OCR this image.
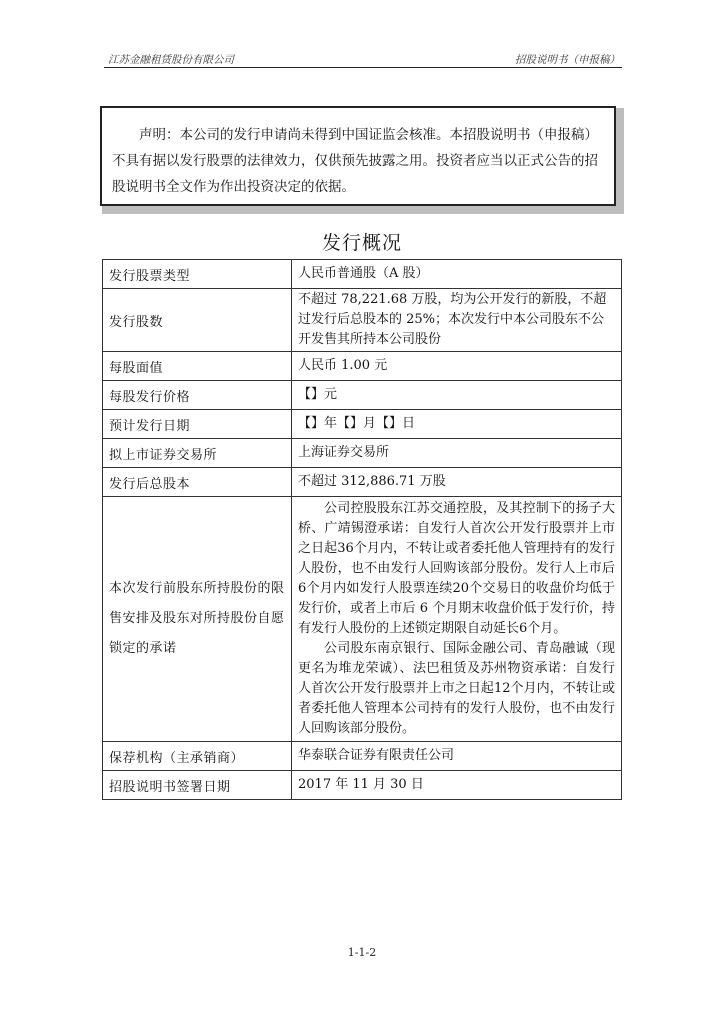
江苏金融租赁股份有限公司	招股说明书（申报稿）

声明：本公司的发行申请尚未得到中国证监会核准。本招股说明书（申报稿）不具有据以发行股票的法律效力，仅供预先披露之用。投资者应当以正式公告的招股说明书全文作为作出投资决定的依据。

发行概况
发行股票类型	人民币普通股（A 股）
发行股数	不超过 78,221.68 万股，均为公开发行的新股，不超过发行后总股本的 25%；本次发行中本公司股东不公开发售其所持本公司股份
每股面值	人民币 1.00 元
每股发行价格	【】元
预计发行日期	【】年【】月【】日
拟上市证券交易所	上海证券交易所
发行后总股本	不超过 312,886.71 万股
本次发行前股东所持股份的限售安排及股东对所持股份自愿锁定的承诺	公司控股股东江苏交通控股，及其控制下的扬子大桥、广靖锡澄承诺：自发行人首次公开发行股票并上市之日起36个月内，不转让或者委托他人管理持有的发行人股份，也不由发行人回购该部分股份。发行人上市后6个月内如发行人股票连续20个交易日的收盘价均低于发行价，或者上市后 6 个月期末收盘价低于发行价，持有发行人股份的上述锁定期限自动延长6个月。

公司股东南京银行、国际金融公司、青岛融诚（现更名为堆龙荣诚）、法巴租赁及苏州物资承诺：自发行人首次公开发行股票并上市之日起12个月内，不转让或者委托他人管理本公司持有的发行人股份，也不由发行人回购该部分股份。

保荐机构（主承销商）	华泰联合证券有限责任公司
招股说明书签署日期	2017 年 11 月 30 日
1-1-2
